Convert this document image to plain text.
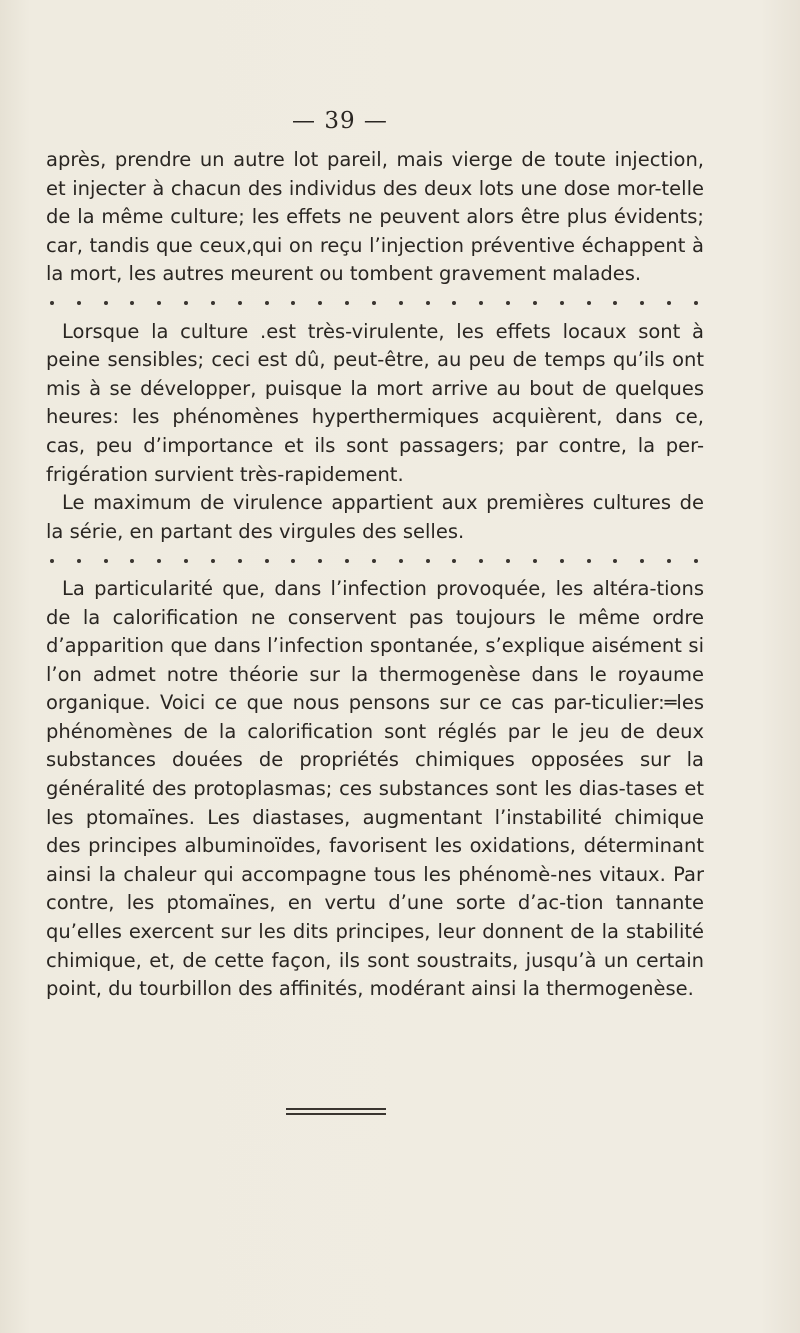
— 39 —

après, prendre un autre lot pareil, mais vierge de toute injection, et injecter à chacun des individus des deux lots une dose mor-telle de la même culture; les effets ne peuvent alors être plus évidents; car, tandis que ceux,qui on reçu l’injection préventive échappent à la mort, les autres meurent ou tombent gravement malades.

Lorsque la culture .est très-virulente, les effets locaux sont à peine sensibles; ceci est dû, peut-être, au peu de temps qu’ils ont mis à se développer, puisque la mort arrive au bout de quelques heures: les phénomènes hyperthermiques acquièrent, dans ce, cas, peu d’importance et ils sont passagers; par contre, la per-frigération survient très-rapidement.

Le maximum de virulence appartient aux premières cultures de la série, en partant des virgules des selles.

La particularité que, dans l’infection provoquée, les altéra-tions de la calorification ne conservent pas toujours le même ordre d’apparition que dans l’infection spontanée, s’explique aisément si l’on admet notre théorie sur la thermogenèse dans le royaume organique. Voici ce que nous pensons sur ce cas par-ticulier:═les phénomènes de la calorification sont réglés par le jeu de deux substances douées de propriétés chimiques opposées sur la généralité des protoplasmas; ces substances sont les dias-tases et les ptomaïnes. Les diastases, augmentant l’instabilité chimique des principes albuminoïdes, favorisent les oxidations, déterminant ainsi la chaleur qui accompagne tous les phénomè-nes vitaux. Par contre, les ptomaïnes, en vertu d’une sorte d’ac-tion tannante qu’elles exercent sur les dits principes, leur donnent de la stabilité chimique, et, de cette façon, ils sont soustraits, jusqu’à un certain point, du tourbillon des affinités, modérant ainsi la thermogenèse.
